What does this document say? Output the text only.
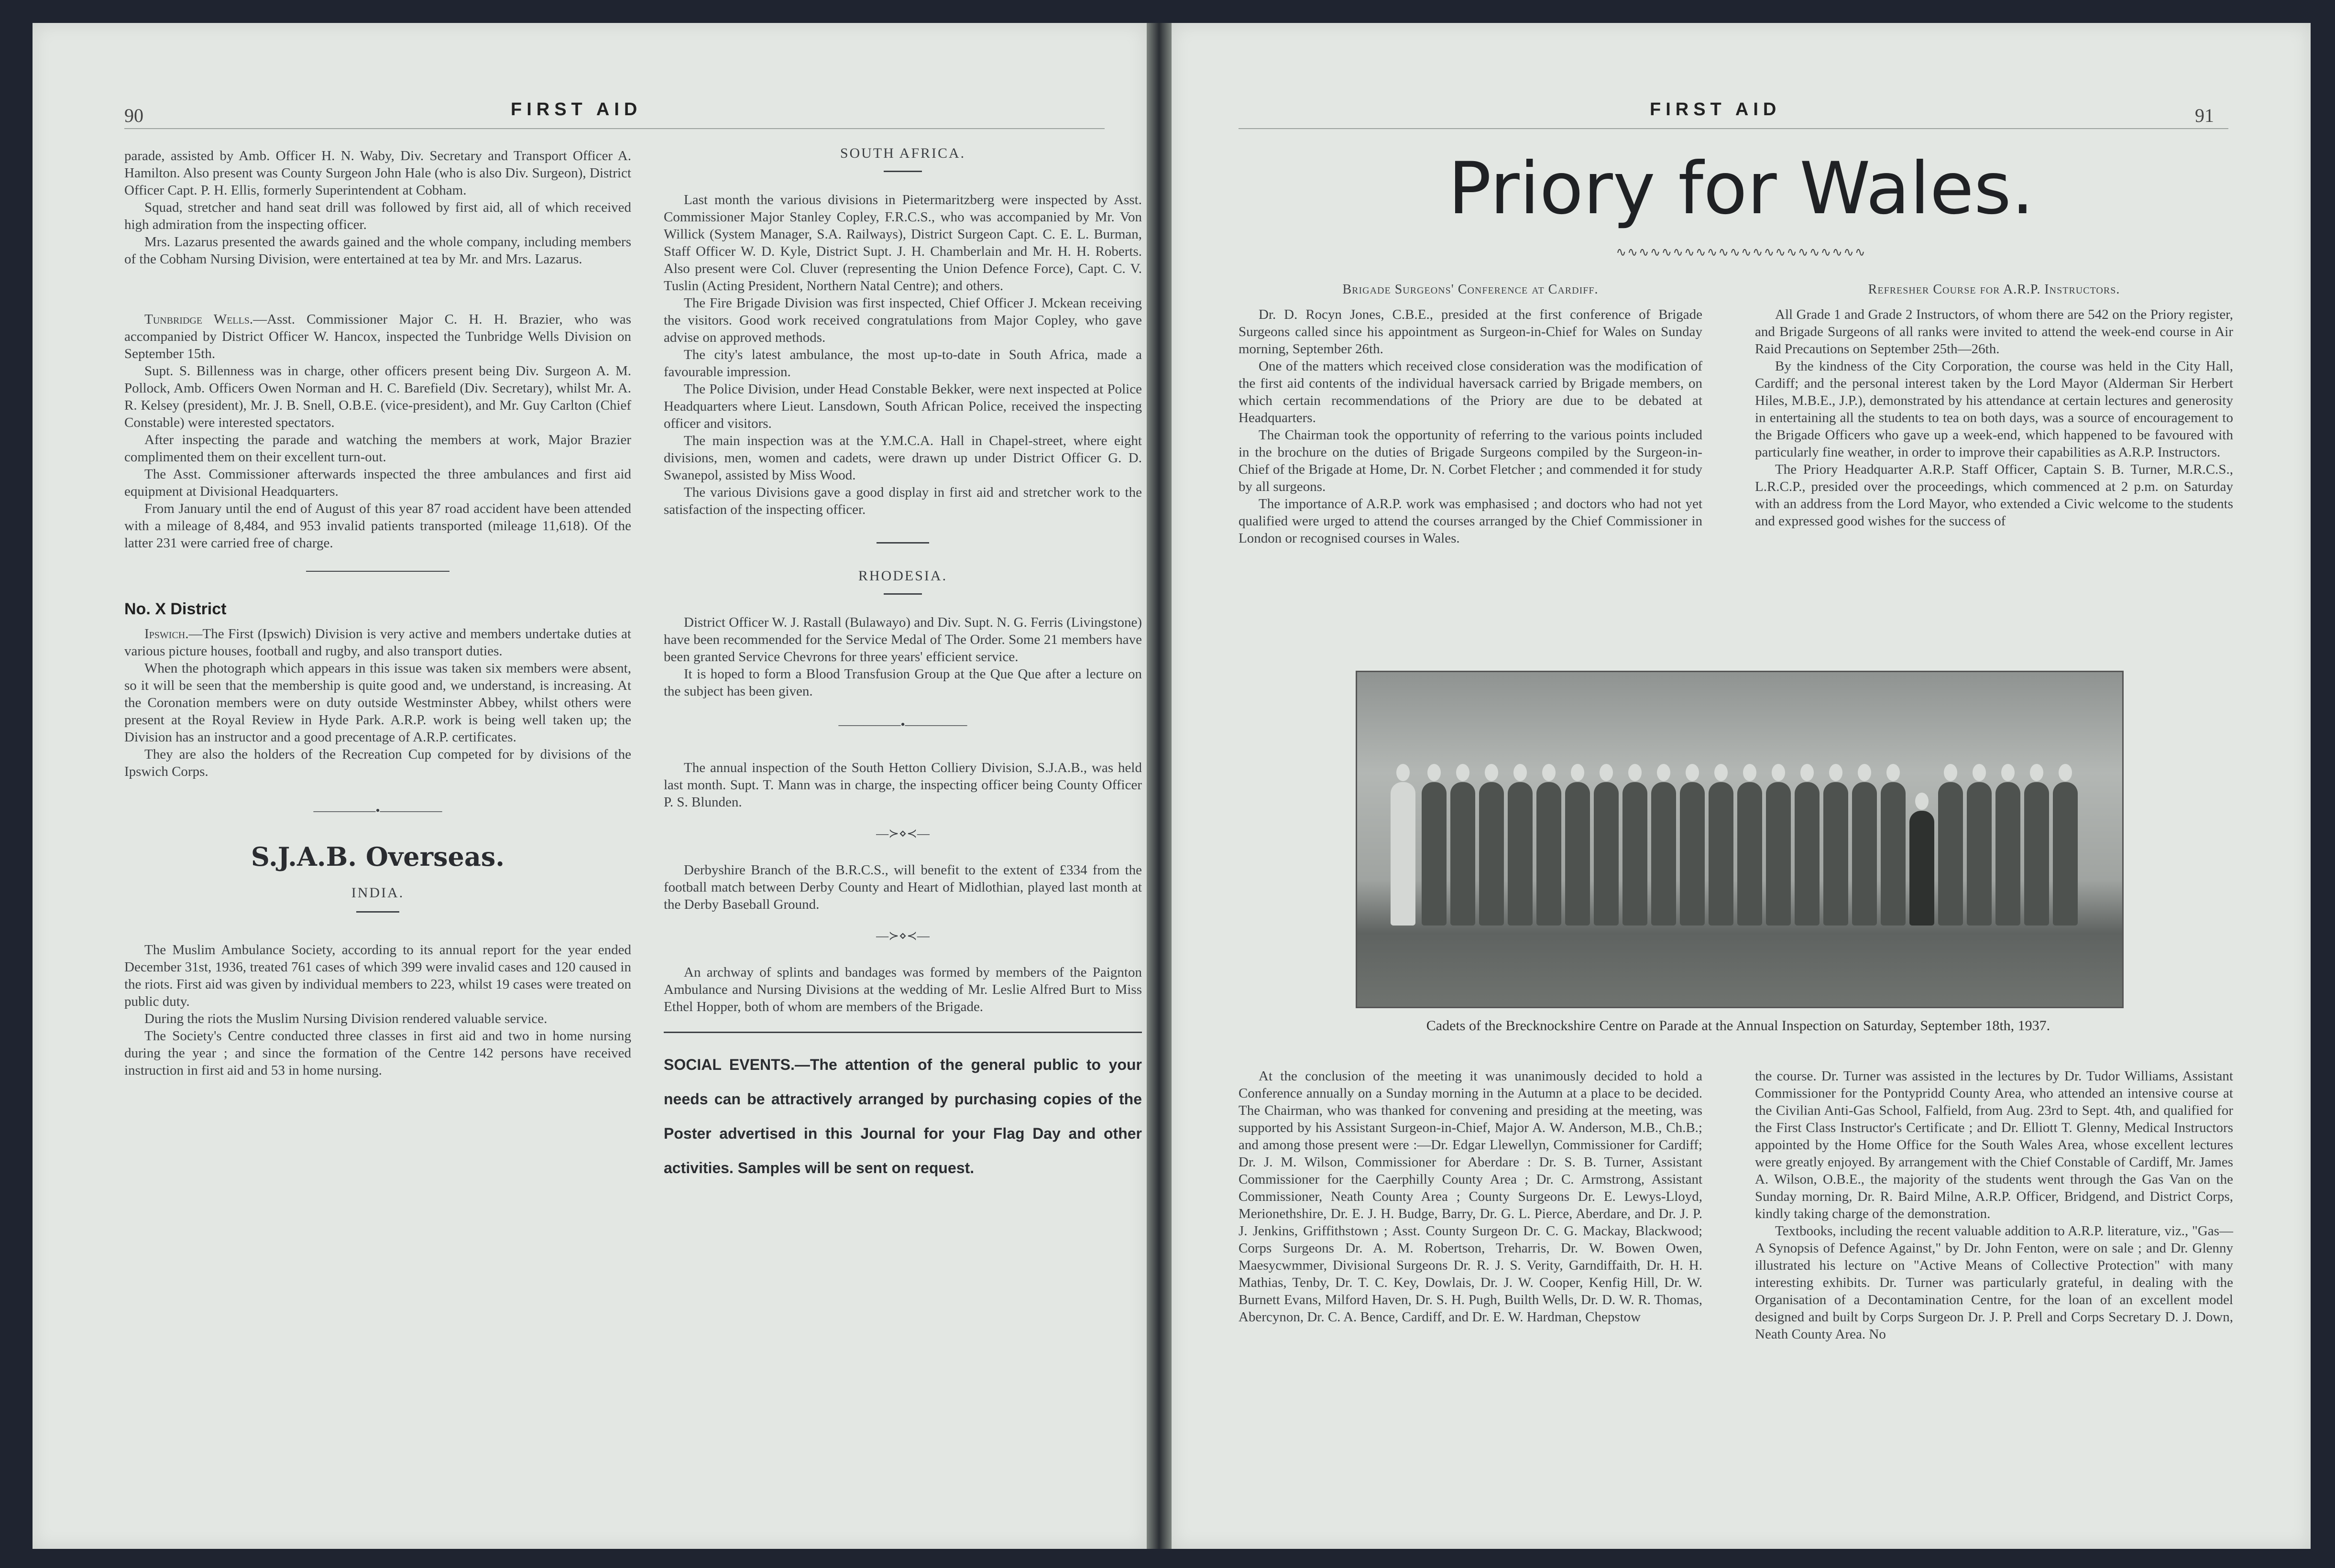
90	FIRST AID

parade, assisted by Amb. Officer H. N. Waby, Div. Secretary and Transport Officer A. Hamilton. Also present was County Surgeon John Hale (who is also Div. Surgeon), District Officer Capt. P. H. Ellis, formerly Superintendent at Cobham.

Squad, stretcher and hand seat drill was followed by first aid, all of which received high admiration from the inspecting officer.

Mrs. Lazarus presented the awards gained and the whole company, including members of the Cobham Nursing Division, were entertained at tea by Mr. and Mrs. Lazarus.

Tunbridge Wells.—Asst. Commissioner Major C. H. H. Brazier, who was accompanied by District Officer W. Hancox, inspected the Tunbridge Wells Division on September 15th.

Supt. S. Billenness was in charge, other officers present being Div. Surgeon A. M. Pollock, Amb. Officers Owen Norman and H. C. Barefield (Div. Secretary), whilst Mr. A. R. Kelsey (president), Mr. J. B. Snell, O.B.E. (vice-president), and Mr. Guy Carlton (Chief Constable) were interested spectators.

After inspecting the parade and watching the members at work, Major Brazier complimented them on their excellent turn-out.

The Asst. Commissioner afterwards inspected the three ambulances and first aid equipment at Divisional Headquarters.

From January until the end of August of this year 87 road accident have been attended with a mileage of 8,484, and 953 invalid patients transported (mileage 11,618). Of the latter 231 were carried free of charge.

No. X District

Ipswich.—The First (Ipswich) Division is very active and members undertake duties at various picture houses, football and rugby, and also transport duties.

When the photograph which appears in this issue was taken six members were absent, so it will be seen that the membership is quite good and, we understand, is increasing. At the Coronation members were on duty outside Westminster Abbey, whilst others were present at the Royal Review in Hyde Park. A.R.P. work is being well taken up; the Division has an instructor and a good precentage of A.R.P. certificates.

They are also the holders of the Recreation Cup competed for by divisions of the Ipswich Corps.

—————•—————
S.J.A.B. Overseas.
INDIA.

The Muslim Ambulance Society, according to its annual report for the year ended December 31st, 1936, treated 761 cases of which 399 were invalid cases and 120 caused in the riots. First aid was given by individual members to 223, whilst 19 cases were treated on public duty.

During the riots the Muslim Nursing Division rendered valuable service.

The Society's Centre conducted three classes in first aid and two in home nursing during the year ; and since the formation of the Centre 142 persons have received instruction in first aid and 53 in home nursing.

SOUTH AFRICA.

Last month the various divisions in Pietermaritzberg were inspected by Asst. Commissioner Major Stanley Copley, F.R.C.S., who was accompanied by Mr. Von Willick (System Manager, S.A. Railways), District Surgeon Capt. C. E. L. Burman, Staff Officer W. D. Kyle, District Supt. J. H. Chamberlain and Mr. H. H. Roberts. Also present were Col. Cluver (representing the Union Defence Force), Capt. C. V. Tuslin (Acting President, Northern Natal Centre); and others.

The Fire Brigade Division was first inspected, Chief Officer J. Mckean receiving the visitors. Good work received congratulations from Major Copley, who gave advise on approved methods.

The city's latest ambulance, the most up-to-date in South Africa, made a favourable impression.

The Police Division, under Head Constable Bekker, were next inspected at Police Headquarters where Lieut. Lansdown, South African Police, received the inspecting officer and visitors.

The main inspection was at the Y.M.C.A. Hall in Chapel-street, where eight divisions, men, women and cadets, were drawn up under District Officer G. D. Swanepol, assisted by Miss Wood.

The various Divisions gave a good display in first aid and stretcher work to the satisfaction of the inspecting officer.

RHODESIA.

District Officer W. J. Rastall (Bulawayo) and Div. Supt. N. G. Ferris (Livingstone) have been recommended for the Service Medal of The Order. Some 21 members have been granted Service Chevrons for three years' efficient service.

It is hoped to form a Blood Transfusion Group at the Que Que after a lecture on the subject has been given.

—————•—————

The annual inspection of the South Hetton Colliery Division, S.J.A.B., was held last month. Supt. T. Mann was in charge, the inspecting officer being County Officer P. S. Blunden.

—≻⋄≺—

Derbyshire Branch of the B.R.C.S., will benefit to the extent of £334 from the football match between Derby County and Heart of Midlothian, played last month at the Derby Baseball Ground.

—≻⋄≺—

An archway of splints and bandages was formed by members of the Paignton Ambulance and Nursing Divisions at the wedding of Mr. Leslie Alfred Burt to Miss Ethel Hopper, both of whom are members of the Brigade.

SOCIAL EVENTS.—The attention of the general public to your needs can be attractively arranged by purchasing copies of the Poster advertised in this Journal for your Flag Day and other activities. Samples will be sent on request.
FIRST AID	91
Priory for Wales.
∿∿∿∿∿∿∿∿∿∿∿∿∿∿∿∿∿∿∿∿∿∿
Brigade Surgeons' Conference at Cardiff.

Dr. D. Rocyn Jones, C.B.E., presided at the first conference of Brigade Surgeons called since his appointment as Surgeon-in-Chief for Wales on Sunday morning, September 26th.

One of the matters which received close consideration was the modification of the first aid contents of the individual haversack carried by Brigade members, on which certain recommendations of the Priory are due to be debated at Headquarters.

The Chairman took the opportunity of referring to the various points included in the brochure on the duties of Brigade Surgeons compiled by the Surgeon-in-Chief of the Brigade at Home, Dr. N. Corbet Fletcher ; and commended it for study by all surgeons.

The importance of A.R.P. work was emphasised ; and doctors who had not yet qualified were urged to attend the courses arranged by the Chief Commissioner in London or recognised courses in Wales.

Refresher Course for A.R.P. Instructors.

All Grade 1 and Grade 2 Instructors, of whom there are 542 on the Priory register, and Brigade Surgeons of all ranks were invited to attend the week-end course in Air Raid Precautions on September 25th—26th.

By the kindness of the City Corporation, the course was held in the City Hall, Cardiff; and the personal interest taken by the Lord Mayor (Alderman Sir Herbert Hiles, M.B.E., J.P.), demonstrated by his attendance at certain lectures and generosity in entertaining all the students to tea on both days, was a source of encouragement to the Brigade Officers who gave up a week-end, which happened to be favoured with particularly fine weather, in order to improve their capabilities as A.R.P. Instructors.

The Priory Headquarter A.R.P. Staff Officer, Captain S. B. Turner, M.R.C.S., L.R.C.P., presided over the proceedings, which commenced at 2 p.m. on Saturday with an address from the Lord Mayor, who extended a Civic welcome to the students and expressed good wishes for the success of

Cadets of the Brecknockshire Centre on Parade at the Annual Inspection on Saturday, September 18th, 1937.

At the conclusion of the meeting it was unanimously decided to hold a Conference annually on a Sunday morning in the Autumn at a place to be decided. The Chairman, who was thanked for convening and presiding at the meeting, was supported by his Assistant Surgeon-in-Chief, Major A. W. Anderson, M.B., Ch.B.; and among those present were :—Dr. Edgar Llewellyn, Commissioner for Cardiff; Dr. J. M. Wilson, Commissioner for Aberdare : Dr. S. B. Turner, Assistant Commissioner for the Caerphilly County Area ; Dr. C. Armstrong, Assistant Commissioner, Neath County Area ; County Surgeons Dr. E. Lewys-Lloyd, Merionethshire, Dr. E. J. H. Budge, Barry, Dr. G. L. Pierce, Aberdare, and Dr. J. P. J. Jenkins, Griffithstown ; Asst. County Surgeon Dr. C. G. Mackay, Blackwood; Corps Surgeons Dr. A. M. Robertson, Treharris, Dr. W. Bowen Owen, Maesycwmmer, Divisional Surgeons Dr. R. J. S. Verity, Garndiffaith, Dr. H. H. Mathias, Tenby, Dr. T. C. Key, Dowlais, Dr. J. W. Cooper, Kenfig Hill, Dr. W. Burnett Evans, Milford Haven, Dr. S. H. Pugh, Builth Wells, Dr. D. W. R. Thomas, Abercynon, Dr. C. A. Bence, Cardiff, and Dr. E. W. Hardman, Chepstow

the course. Dr. Turner was assisted in the lectures by Dr. Tudor Williams, Assistant Commissioner for the Pontypridd County Area, who attended an intensive course at the Civilian Anti-Gas School, Falfield, from Aug. 23rd to Sept. 4th, and qualified for the First Class Instructor's Certificate ; and Dr. Elliott T. Glenny, Medical Instructors appointed by the Home Office for the South Wales Area, whose excellent lectures were greatly enjoyed. By arrangement with the Chief Constable of Cardiff, Mr. James A. Wilson, O.B.E., the majority of the students went through the Gas Van on the Sunday morning, Dr. R. Baird Milne, A.R.P. Officer, Bridgend, and District Corps, kindly taking charge of the demonstration.

Textbooks, including the recent valuable addition to A.R.P. literature, viz., "Gas—A Synopsis of Defence Against," by Dr. John Fenton, were on sale ; and Dr. Glenny illustrated his lecture on "Active Means of Collective Protection" with many interesting exhibits. Dr. Turner was particularly grateful, in dealing with the Organisation of a Decontamination Centre, for the loan of an excellent model designed and built by Corps Surgeon Dr. J. P. Prell and Corps Secretary D. J. Down, Neath County Area. No
